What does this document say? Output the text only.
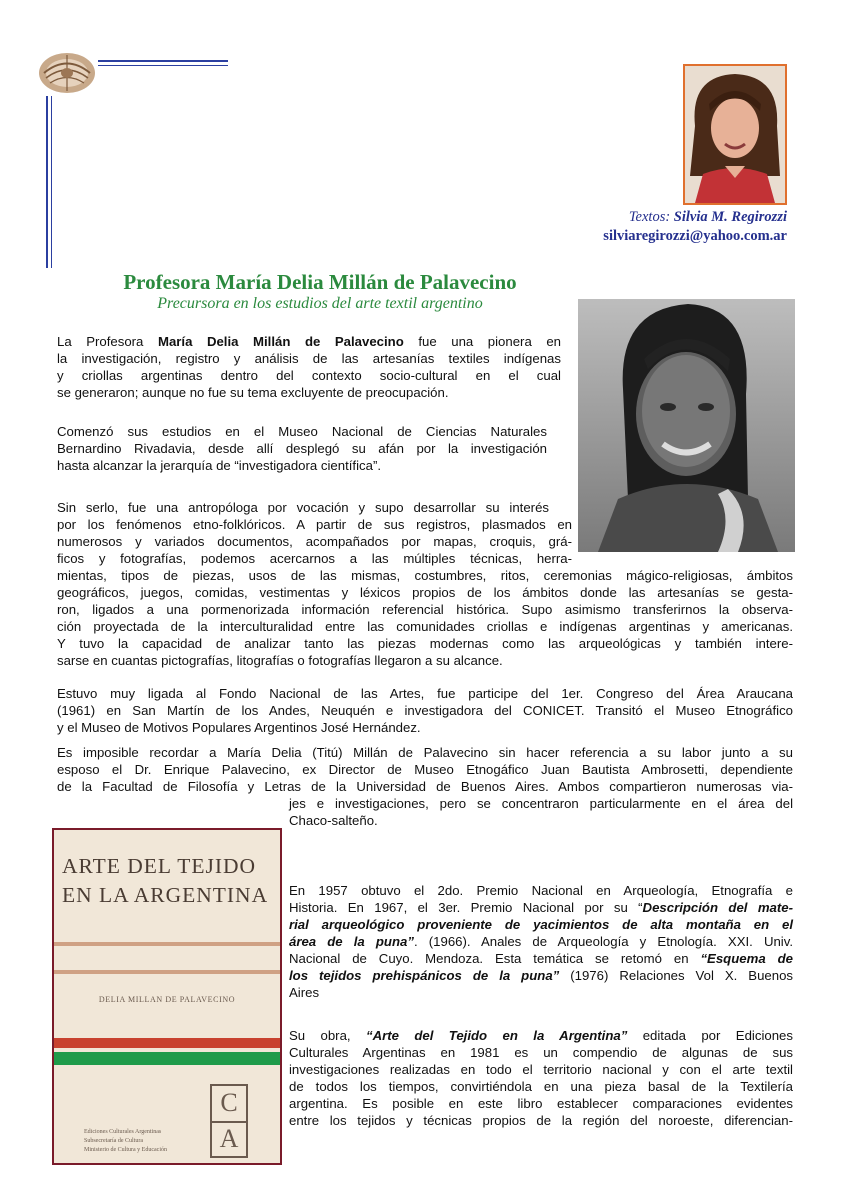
Textos: Silvia M. Regirozzi
silviaregirozzi@yahoo.com.ar
Profesora María Delia Millán de Palavecino
Precursora en los estudios del arte textil argentino
La Profesora María Delia Millán de Palavecino fue una pionera en
la investigación, registro y análisis de las artesanías textiles indígenas
y criollas argentinas dentro del contexto socio-cultural en el cual
se generaron; aunque no fue su tema excluyente de preocupación.
Comenzó sus estudios en el Museo Nacional de Ciencias Naturales
Bernardino Rivadavia, desde allí desplegó su afán por la investigación
hasta alcanzar la jerarquía de “investigadora científica”.
Sin serlo, fue una antropóloga por vocación y supo desarrollar su interés
por los fenómenos etno-folklóricos. A partir de sus registros, plasmados en
numerosos y variados documentos, acompañados por mapas, croquis, grá-
ficos y fotografías, podemos acercarnos a las múltiples técnicas, herra-
mientas, tipos de piezas, usos de las mismas, costumbres, ritos, ceremonias mágico-religiosas, ámbitos
geográficos, juegos, comidas, vestimentas y léxicos propios de los ámbitos donde las artesanías se gesta-
ron, ligados a una pormenorizada información referencial histórica. Supo asimismo transferirnos la observa-
ción proyectada de la interculturalidad entre las comunidades criollas e indígenas argentinas y americanas.
Y tuvo la capacidad de analizar tanto las piezas modernas como las arqueológicas y también intere-
sarse en cuantas pictografías, litografías o fotografías llegaron a su alcance.
Estuvo muy ligada al Fondo Nacional de las Artes, fue participe del 1er. Congreso del Área Araucana
(1961) en San Martín de los Andes, Neuquén e investigadora del CONICET. Transitó el Museo Etnográfico
y el Museo de Motivos Populares Argentinos José Hernández.
Es imposible recordar a María Delia (Titú) Millán de Palavecino sin hacer referencia a su labor junto a su
esposo el Dr. Enrique Palavecino, ex Director de Museo Etnogáfico Juan Bautista Ambrosetti, dependiente
de la Facultad de Filosofía y Letras de la Universidad de Buenos Aires. Ambos compartieron numerosas via-
jes e investigaciones, pero se concentraron particularmente en el área del
Chaco-salteño.
ARTE DEL TEJIDO
EN LA ARGENTINA
DELIA MILLAN DE PALAVECINO
Ediciones Culturales Argentinas
Subsecretaría de Cultura
Ministerio de Cultura y Educación
C
A
En 1957 obtuvo el 2do. Premio Nacional en Arqueología, Etnografía e
Historia. En 1967, el 3er. Premio Nacional por su “Descripción del mate-
rial arqueológico proveniente de yacimientos de alta montaña en el
área de la puna”. (1966). Anales de Arqueología y Etnología. XXI. Univ.
Nacional de Cuyo. Mendoza. Esta temática se retomó en “Esquema de
los tejidos prehispánicos de la puna” (1976) Relaciones Vol X. Buenos
Aires
Su obra, “Arte del Tejido en la Argentina” editada por Ediciones
Culturales Argentinas en 1981 es un compendio de algunas de sus
investigaciones realizadas en todo el territorio nacional y con el arte textil
de todos los tiempos, convirtiéndola en una pieza basal de la Textilería
argentina. Es posible en este libro establecer comparaciones evidentes
entre los tejidos y técnicas propios de la región del noroeste, diferencian-
